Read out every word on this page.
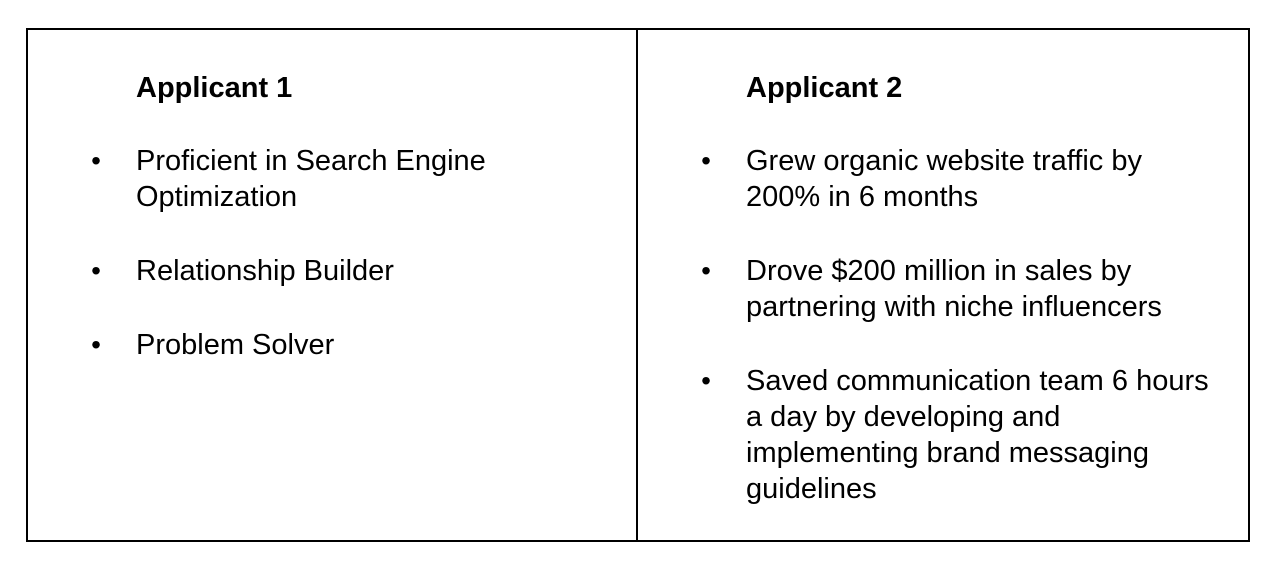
Applicant 1
• Proficient in Search Engine Optimization
• Relationship Builder
• Problem Solver
Applicant 2
• Grew organic website traffic by 200% in 6 months
• Drove $200 million in sales by partnering with niche influencers
• Saved communication team 6 hours a day by developing and implementing brand messaging guidelines
